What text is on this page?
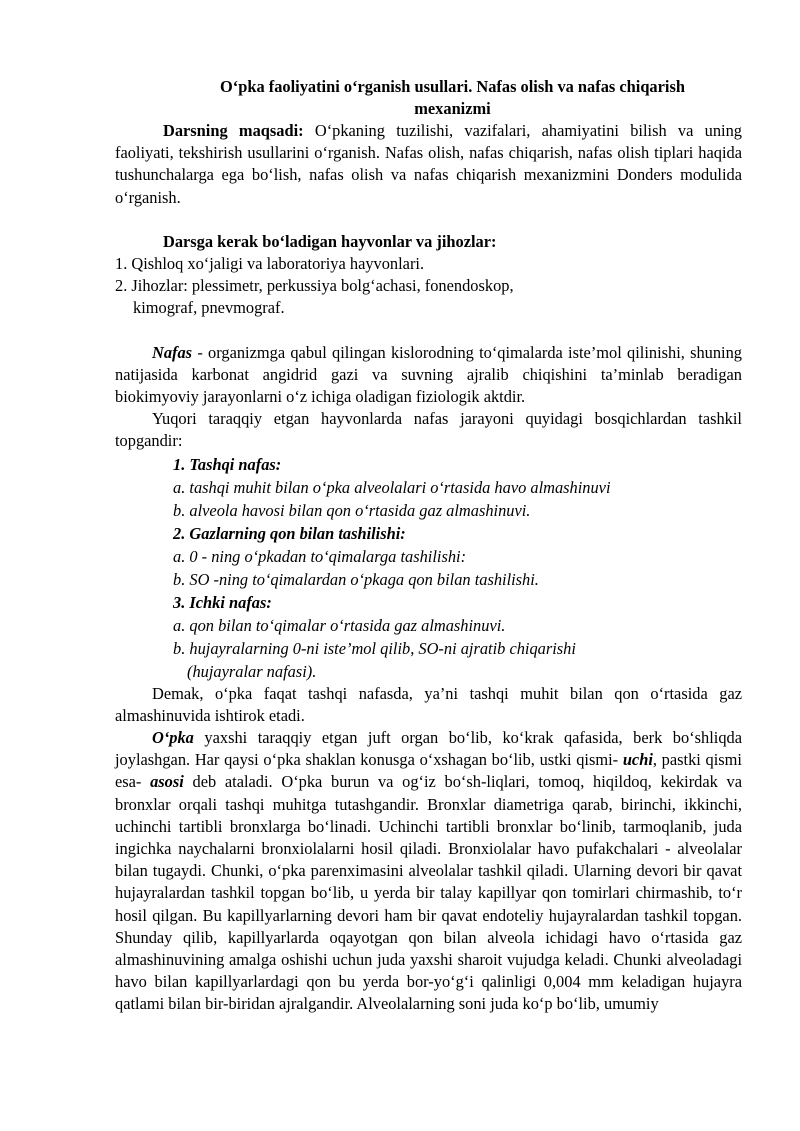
O‘pka faoliyatini o‘rganish usullari. Nafas olish va nafas chiqarish
mexanizmi

Darsning maqsadi: O‘pkaning tuzilishi, vazifalari, ahamiyatini bilish va uning faoliyati, tekshirish usullarini o‘rganish. Nafas olish, nafas chiqarish, nafas olish tiplari haqida tushunchalarga ega bo‘lish, nafas olish va nafas chiqarish mexanizmini Donders modulida o‘rganish.

Darsga kerak bo‘ladigan hayvonlar va jihozlar:

1. Qishloq xo‘jaligi va laboratoriya hayvonlari.

2. Jihozlar: plessimetr, perkussiya bolg‘achasi, fonendoskop,

kimograf, pnevmograf.

Nafas - organizmga qabul qilingan kislorodning to‘qimalarda iste’mol qilinishi, shuning natijasida karbonat angidrid gazi va suvning ajralib chiqishini ta’minlab beradigan biokimyoviy jarayonlarni o‘z ichiga oladigan fiziologik aktdir.

Yuqori taraqqiy etgan hayvonlarda nafas jarayoni quyidagi bosqichlardan tashkil topgandir:

1. Tashqi nafas:
a. tashqi muhit bilan o‘pka alveolalari o‘rtasida havo almashinuvi
b. alveola havosi bilan qon o‘rtasida gaz almashinuvi.
2. Gazlarning qon bilan tashilishi:
a. 0 - ning o‘pkadan to‘qimalarga tashilishi:
b. SO -ning to‘qimalardan o‘pkaga qon bilan tashilishi.
3. Ichki nafas:
a. qon bilan to‘qimalar o‘rtasida gaz almashinuvi.
b. hujayralarning 0-ni iste’mol qilib, SO-ni ajratib chiqarishi
(hujayralar nafasi).

Demak, o‘pka faqat tashqi nafasda, ya’ni tashqi muhit bilan qon o‘rtasida gaz almashinuvida ishtirok etadi.

O‘pka yaxshi taraqqiy etgan juft organ bo‘lib, ko‘krak qafasida, berk bo‘shliqda joylashgan. Har qaysi o‘pka shaklan konusga o‘xshagan bo‘lib, ustki qismi- uchi, pastki qismi esa- asosi deb ataladi. O‘pka burun va og‘iz bo‘sh-liqlari, tomoq, hiqildoq, kekirdak va bronxlar orqali tashqi muhitga tutashgandir. Bronxlar diametriga qarab, birinchi, ikkinchi, uchinchi tartibli bronxlarga bo‘linadi. Uchinchi tartibli bronxlar bo‘linib, tarmoqlanib, juda ingichka naychalarni bronxiolalarni hosil qiladi. Bronxiolalar havo pufakchalari - alveolalar bilan tugaydi. Chunki, o‘pka parenximasini alveolalar tashkil qiladi. Ularning devori bir qavat hujayralardan tashkil topgan bo‘lib, u yerda bir talay kapillyar qon tomirlari chirmashib, to‘r hosil qilgan. Bu kapillyarlarning devori ham bir qavat endoteliy hujayralardan tashkil topgan. Shunday qilib, kapillyarlarda oqayotgan qon bilan alveola ichidagi havo o‘rtasida gaz almashinuvining amalga oshishi uchun juda yaxshi sharoit vujudga keladi. Chunki alveoladagi havo bilan kapillyarlardagi qon bu yerda bor-yo‘g‘i qalinligi 0,004 mm keladigan hujayra qatlami bilan bir-biridan ajralgandir. Alveolalarning soni juda ko‘p bo‘lib, umumiy
